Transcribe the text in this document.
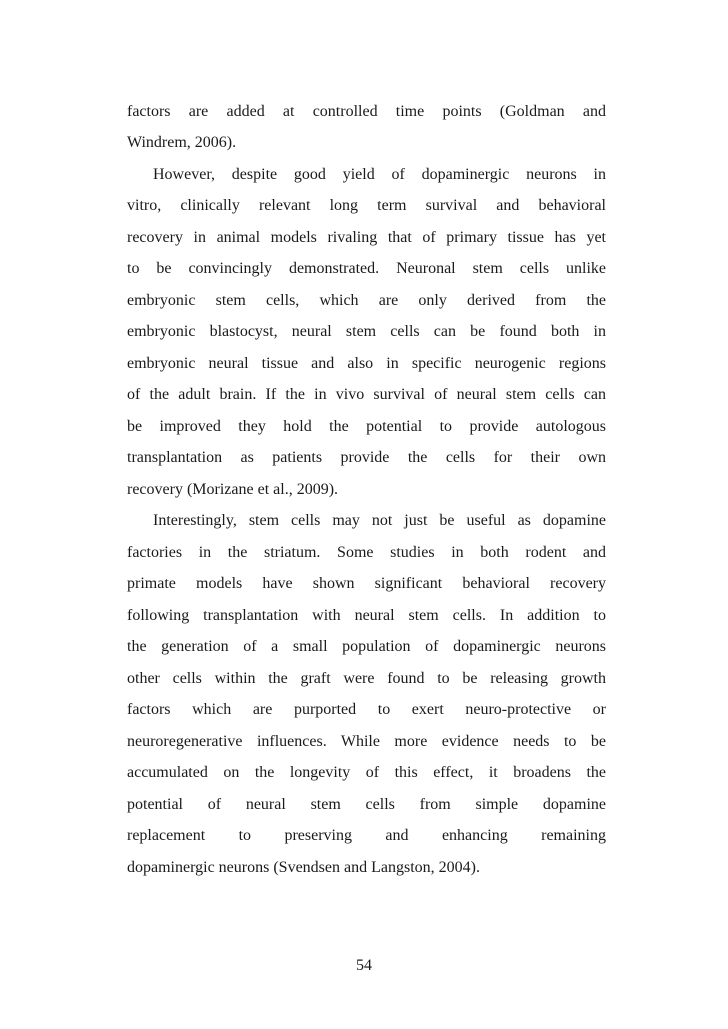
factors are added at controlled time points (Goldman and
Windrem, 2006).
However, despite good yield of dopaminergic neurons in
vitro, clinically relevant long term survival and behavioral
recovery in animal models rivaling that of primary tissue has yet
to be convincingly demonstrated. Neuronal stem cells unlike
embryonic stem cells, which are only derived from the
embryonic blastocyst, neural stem cells can be found both in
embryonic neural tissue and also in specific neurogenic regions
of the adult brain. If the in vivo survival of neural stem cells can
be improved they hold the potential to provide autologous
transplantation as patients provide the cells for their own
recovery (Morizane et al., 2009).
Interestingly, stem cells may not just be useful as dopamine
factories in the striatum. Some studies in both rodent and
primate models have shown significant behavioral recovery
following transplantation with neural stem cells. In addition to
the generation of a small population of dopaminergic neurons
other cells within the graft were found to be releasing growth
factors which are purported to exert neuro-protective or
neuroregenerative influences. While more evidence needs to be
accumulated on the longevity of this effect, it broadens the
potential of neural stem cells from simple dopamine
replacement to preserving and enhancing remaining
dopaminergic neurons (Svendsen and Langston, 2004).
54
